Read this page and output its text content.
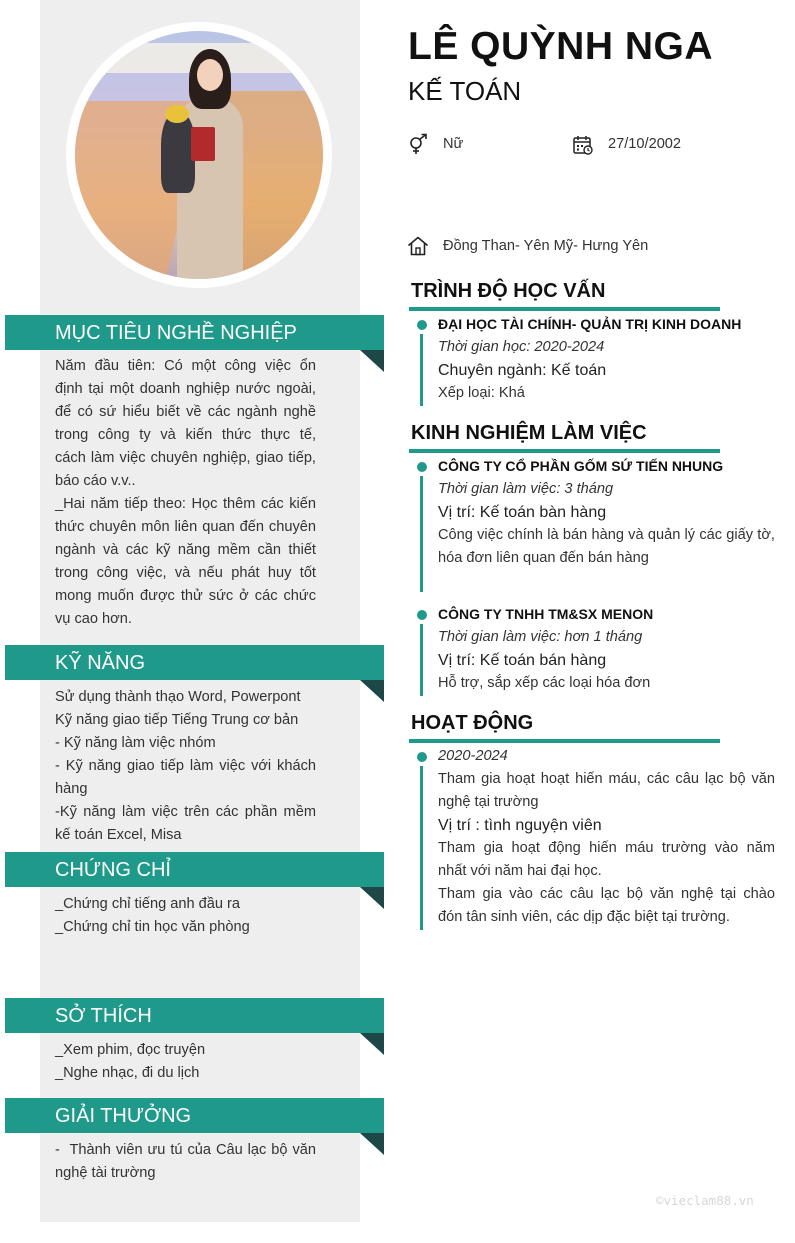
MỤC TIÊU NGHỀ NGHIỆP
Năm đầu tiên: Có một công việc ổn
định tại một doanh nghiệp nước ngoài,
để có sứ hiểu biết về các ngành nghề
trong công ty và kiến thức thực tế,
cách làm việc chuyên nghiệp, giao tiếp,
báo cáo v.v..
_Hai năm tiếp theo: Học thêm các kiến
thức chuyên môn liên quan đến chuyên
ngành và các kỹ năng mềm cần thiết
trong công việc, và nếu phát huy tốt
mong muốn được thử sức ở các chức
vụ cao hơn.
KỸ NĂNG
Sử dụng thành thạo Word, Powerpont
Kỹ năng giao tiếp Tiếng Trung cơ bản
- Kỹ năng làm việc nhóm
- Kỹ năng giao tiếp làm việc với khách
hàng
-Kỹ năng làm việc trên các phần mềm
kế toán Excel, Misa
CHỨNG CHỈ
_Chứng chỉ tiếng anh đầu ra
_Chứng chỉ tin học văn phòng
SỞ THÍCH
_Xem phim, đọc truyện
_Nghe nhạc, đi du lịch
GIẢI THƯỞNG
-  Thành viên ưu tú của Câu lạc bộ văn
nghệ tài trường
LÊ QUỲNH NGA
KẾ TOÁN
Nữ	27/10/2002
Đồng Than- Yên Mỹ- Hưng Yên
TRÌNH ĐỘ HỌC VẤN
ĐẠI HỌC TÀI CHÍNH- QUẢN TRỊ KINH DOANH
Thời gian học: 2020-2024
Chuyên ngành: Kế toán
Xếp loại: Khá
KINH NGHIỆM LÀM VIỆC
CÔNG TY CỔ PHẦN GỐM SỨ TIẾN NHUNG
Thời gian làm việc: 3 tháng
Vị trí: Kế toán bàn hàng
Công việc chính là bán hàng và quản lý các giấy tờ,
hóa đơn liên quan đến bán hàng
CÔNG TY TNHH TM&SX MENON
Thời gian làm việc: hơn 1 tháng
Vị trí: Kế toán bán hàng
Hỗ trợ, sắp xếp các loại hóa đơn
HOẠT ĐỘNG
2020-2024
Tham gia hoạt hoạt hiến máu, các câu lạc bộ văn
nghệ tại trường
Vị trí : tình nguyện viên
Tham gia hoạt động hiến máu trường vào năm
nhất với năm hai đại học.
Tham gia vào các câu lạc bộ văn nghệ tại chào
đón tân sinh viên, các dịp đặc biệt tại trường.
©vieclam88.vn
